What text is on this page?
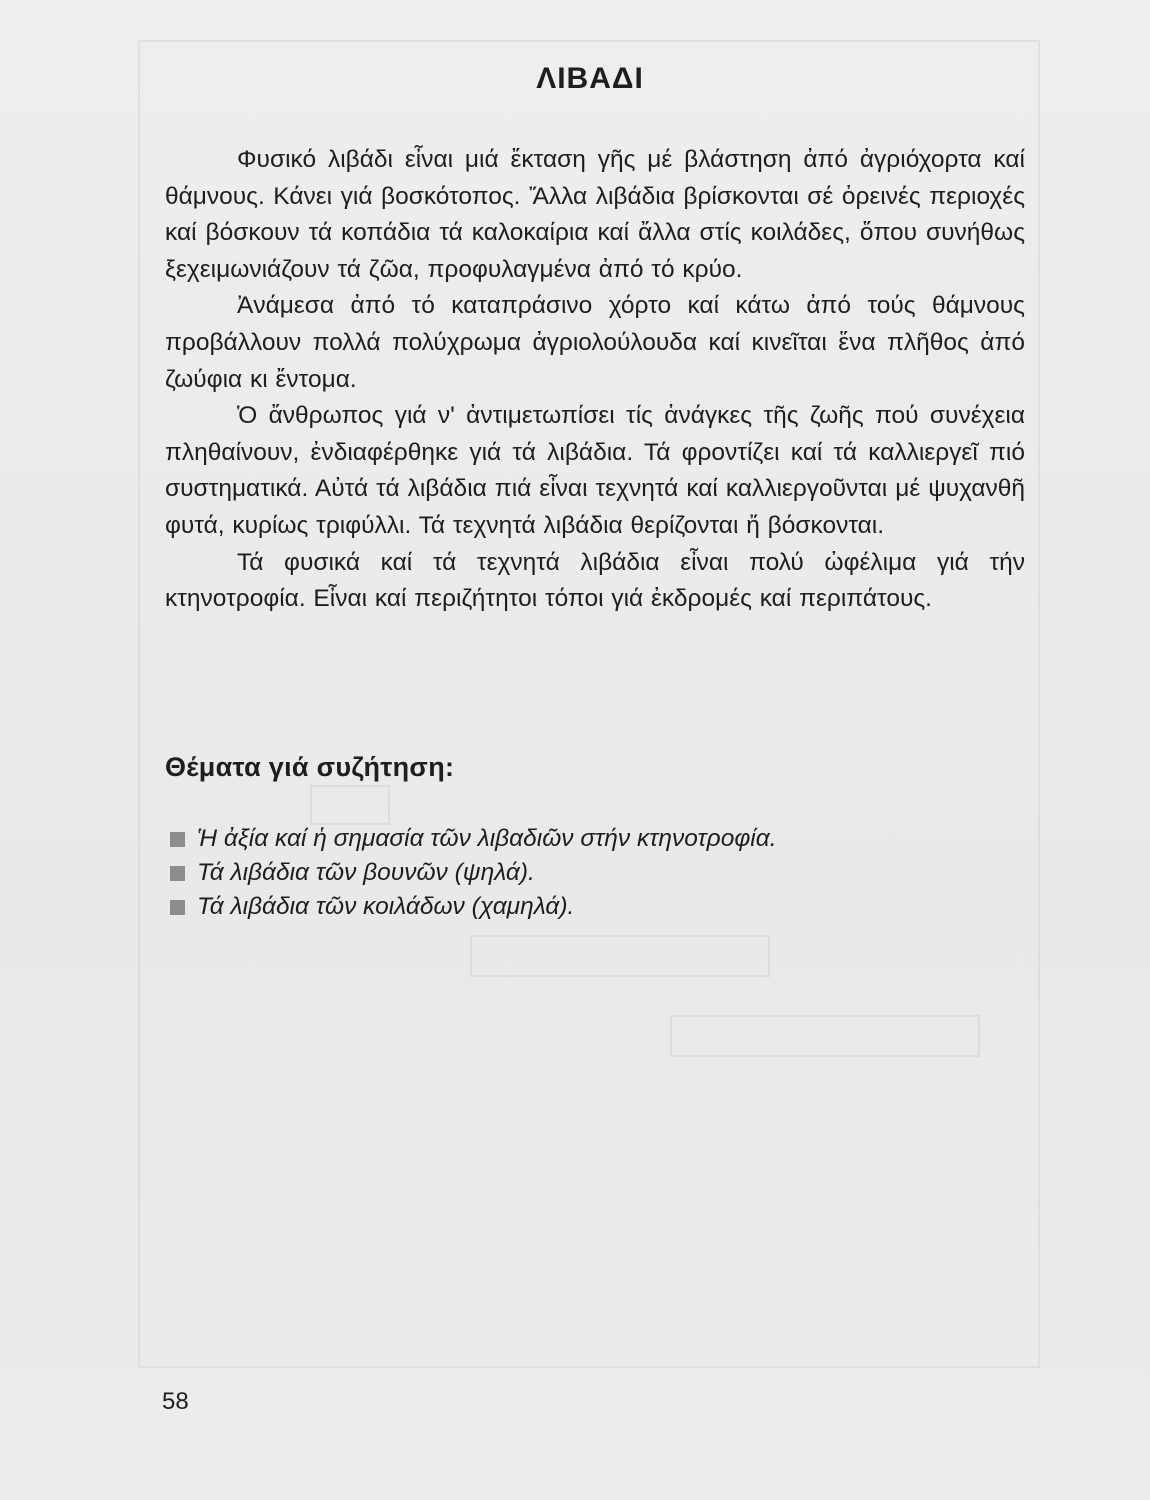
ΛΙΒΑΔΙ

Φυσικό λιβάδι εἶναι μιά ἔκταση γῆς μέ βλάστηση ἀπό ἀγριόχορτα καί θάμνους. Κάνει γιά βοσκότοπος. Ἄλλα λιβάδια βρίσκονται σέ ὀρεινές περιοχές καί βόσκουν τά κοπάδια τά καλοκαίρια καί ἄλλα στίς κοιλάδες, ὅπου συνήθως ξεχειμωνιάζουν τά ζῶα, προφυλαγμένα ἀπό τό κρύο.

Ἀνάμεσα ἀπό τό καταπράσινο χόρτο καί κάτω ἀπό τούς θάμνους προβάλλουν πολλά πολύχρωμα ἀγριολούλουδα καί κινεῖται ἕνα πλῆθος ἀπό ζωύφια κι ἔντομα.

Ὁ ἄνθρωπος γιά ν' ἀντιμετωπίσει τίς ἀνάγκες τῆς ζωῆς πού συνέχεια πληθαίνουν, ἐνδιαφέρθηκε γιά τά λιβάδια. Τά φροντίζει καί τά καλλιεργεῖ πιό συστηματικά. Αὐτά τά λιβάδια πιά εἶναι τεχνητά καί καλλιεργοῦνται μέ ψυχανθῆ φυτά, κυρίως τριφύλλι. Τά τεχνητά λιβάδια θερίζονται ἤ βόσκονται.

Τά φυσικά καί τά τεχνητά λιβάδια εἶναι πολύ ὠφέλιμα γιά τήν κτηνοτροφία. Εἶναι καί περιζήτητοι τόποι γιά ἐκδρομές καί περιπάτους.

Θέματα γιά συζήτηση:
Ἡ ἀξία καί ἡ σημασία τῶν λιβαδιῶν στήν κτηνοτροφία.
Τά λιβάδια τῶν βουνῶν (ψηλά).
Τά λιβάδια τῶν κοιλάδων (χαμηλά).

58
